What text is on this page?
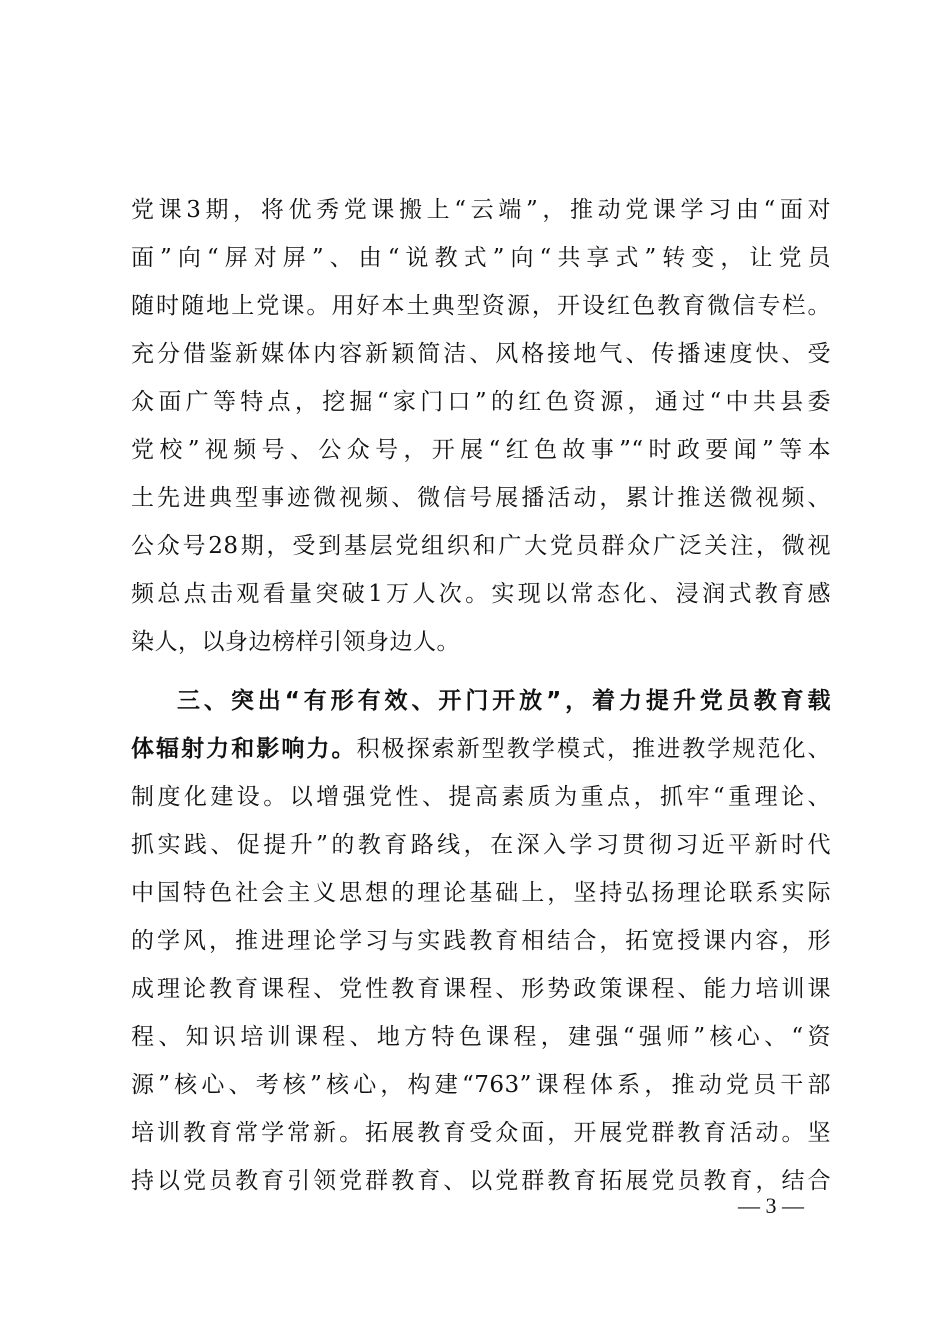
党课3期，将优秀党课搬上“云端”，推动党课学习由“面对
面”向“屏对屏”、由“说教式”向“共享式”转变，让党员
随时随地上党课。用好本土典型资源，开设红色教育微信专栏。
充分借鉴新媒体内容新颖简洁、风格接地气、传播速度快、受
众面广等特点，挖掘“家门口”的红色资源，通过“中共县委
党校”视频号、公众号，开展“红色故事”“时政要闻”等本
土先进典型事迹微视频、微信号展播活动，累计推送微视频、
公众号28期，受到基层党组织和广大党员群众广泛关注，微视
频总点击观看量突破1万人次。实现以常态化、浸润式教育感
染人，以身边榜样引领身边人。
三、突出“有形有效、开门开放”，着力提升党员教育载
体辐射力和影响力。积极探索新型教学模式，推进教学规范化、
制度化建设。以增强党性、提高素质为重点，抓牢“重理论、
抓实践、促提升”的教育路线，在深入学习贯彻习近平新时代
中国特色社会主义思想的理论基础上，坚持弘扬理论联系实际
的学风，推进理论学习与实践教育相结合，拓宽授课内容，形
成理论教育课程、党性教育课程、形势政策课程、能力培训课
程、知识培训课程、地方特色课程，建强“强师”核心、“资
源”核心、考核”核心，构建“763”课程体系，推动党员干部
培训教育常学常新。拓展教育受众面，开展党群教育活动。坚
持以党员教育引领党群教育、以党群教育拓展党员教育，结合
— 3 —
